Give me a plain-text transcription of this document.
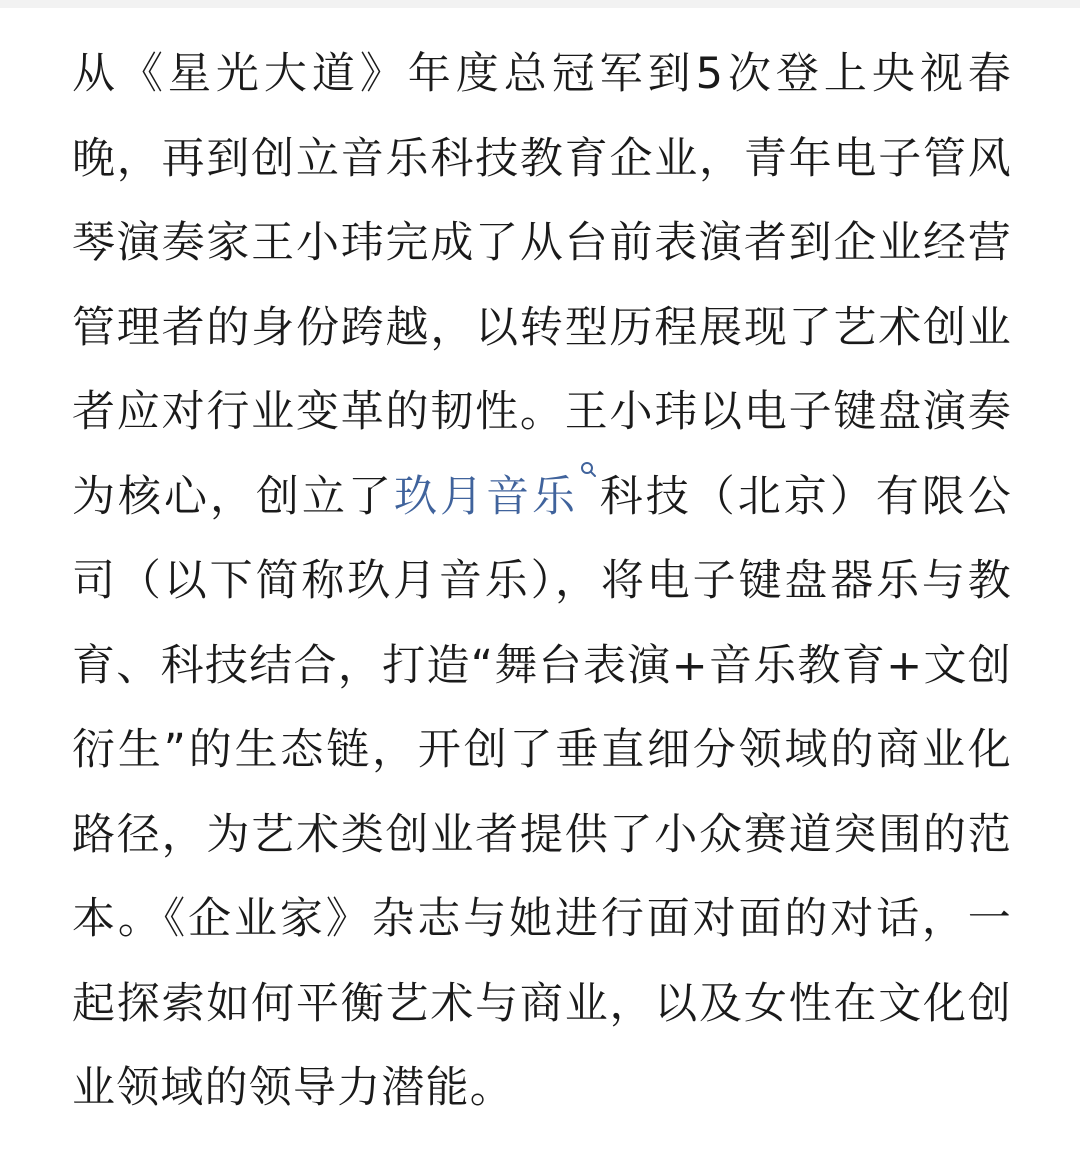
从《星光大道》年度总冠军到5次登上央视春晚，再到创立音乐科技教育企业，青年电子管风琴演奏家王小玮完成了从台前表演者到企业经营管理者的身份跨越，以转型历程展现了艺术创业者应对行业变革的韧性。王小玮以电子键盘演奏为核心，创立了玖月音乐 科技（北京）有限公司（以下简称玖月音乐），将电子键盘器乐与教育、科技结合，打造“舞台表演+音乐教育+文创衍生”的生态链，开创了垂直细分领域的商业化路径，为艺术类创业者提供了小众赛道突围的范本。《企业家》杂志与她进行面对面的对话，一起探索如何平衡艺术与商业，以及女性在文化创业领域的领导力潜能。
